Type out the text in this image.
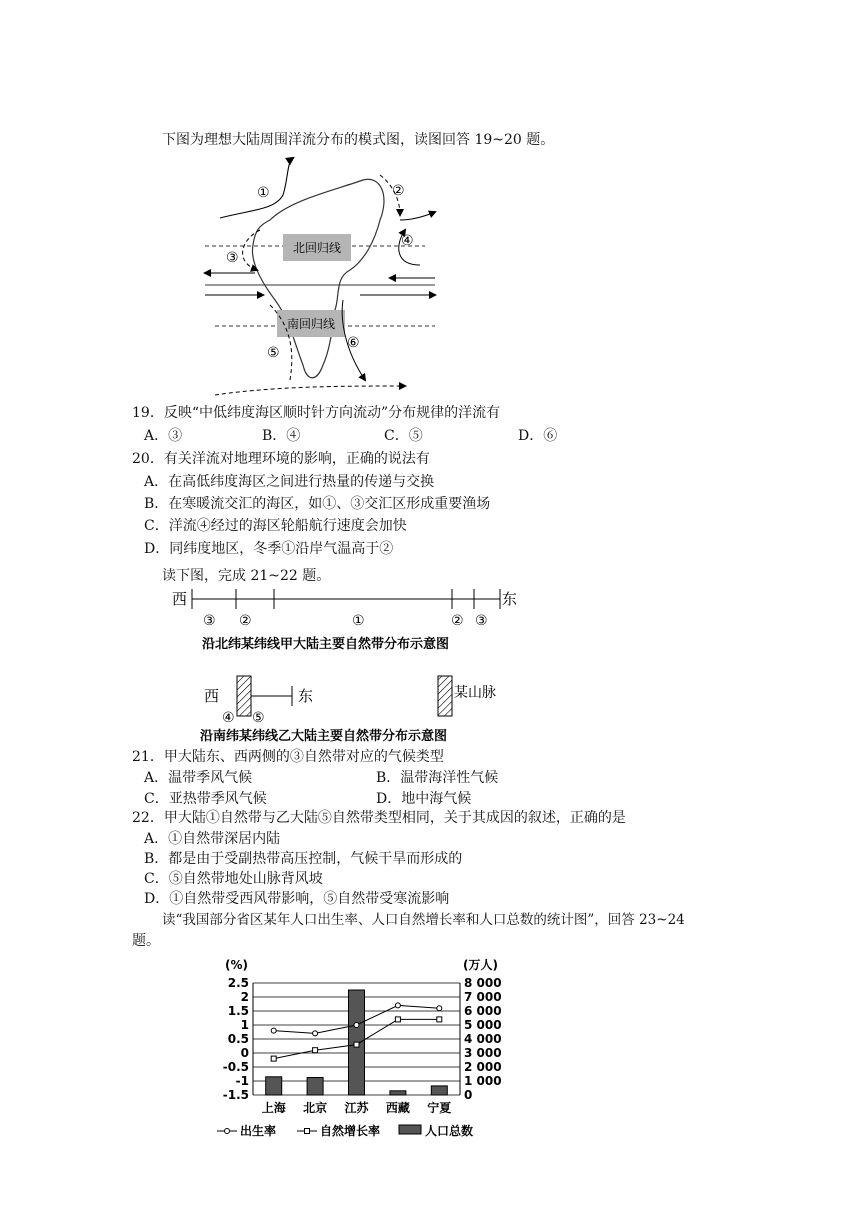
下图为理想大陆周围洋流分布的模式图，读图回答 19~20 题。
北回归线
南回归线
①	②
③
④
⑤
⑥
19．反映“中低纬度海区顺时针方向流动”分布规律的洋流有
A．③	B．④	C．⑤	D．⑥
20．有关洋流对地理环境的影响，正确的说法有
A．在高低纬度海区之间进行热量的传递与交换
B．在寒暖流交汇的海区，如①、③交汇区形成重要渔场
C．洋流④经过的海区轮船航行速度会加快
D．同纬度地区，冬季①沿岸气温高于②
读下图，完成 21~22 题。
西	东
③ ②	①	② ③
沿北纬某纬线甲大陆主要自然带分布示意图
西	东
④ ⑤
某山脉
沿南纬某纬线乙大陆主要自然带分布示意图
21．甲大陆东、西两侧的③自然带对应的气候类型
A．温带季风气候	B．温带海洋性气候
C．亚热带季风气候	D．地中海气候
22．甲大陆①自然带与乙大陆⑤自然带类型相同，关于其成因的叙述，正确的是
A．①自然带深居内陆
B．都是由于受副热带高压控制，气候干旱而形成的
C．⑤自然带地处山脉背风坡
D．①自然带受西风带影响，⑤自然带受寒流影响
读“我国部分省区某年人口出生率、人口自然增长率和人口总数的统计图”，回答 23~24
题。
(%)	(万人)
2.5
2
1.5
1
0.5
0
-0.5
-1
-1.5
8 000
7 000
6 000
5 000
4 000
3 000
2 000
1 000
0
上海 北京 江苏 西藏 宁夏
出生率	自然增长率	人口总数
